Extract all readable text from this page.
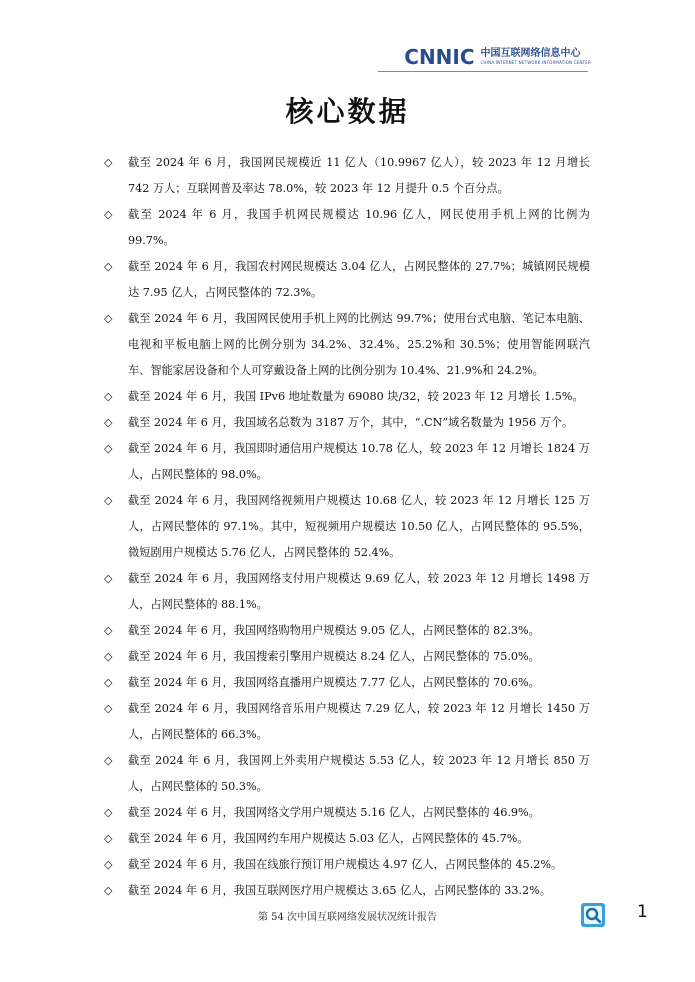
CNNIC 中国互联网络信息中心
CHINA INTERNET NETWORK INFORMATION CENTER
核心数据
◇	截至 2024 年 6 月，我国网民规模近 11 亿人（10.9967 亿人），较 2023 年 12 月增长 742 万人；互联网普及率达 78.0%，较 2023 年 12 月提升 0.5 个百分点。
◇	截至 2024 年 6 月，我国手机网民规模达 10.96 亿人，网民使用手机上网的比例为 99.7%。
◇	截至 2024 年 6 月，我国农村网民规模达 3.04 亿人，占网民整体的 27.7%；城镇网民规模达 7.95 亿人，占网民整体的 72.3%。
◇	截至 2024 年 6 月，我国网民使用手机上网的比例达 99.7%；使用台式电脑、笔记本电脑、电视和平板电脑上网的比例分别为 34.2%、32.4%、25.2%和 30.5%；使用智能网联汽车、智能家居设备和个人可穿戴设备上网的比例分别为 10.4%、21.9%和 24.2%。
◇	截至 2024 年 6 月，我国 IPv6 地址数量为 69080 块/32，较 2023 年 12 月增长 1.5%。
◇	截至 2024 年 6 月，我国域名总数为 3187 万个，其中，“.CN”域名数量为 1956 万个。
◇	截至 2024 年 6 月，我国即时通信用户规模达 10.78 亿人，较 2023 年 12 月增长 1824 万人，占网民整体的 98.0%。
◇	截至 2024 年 6 月，我国网络视频用户规模达 10.68 亿人，较 2023 年 12 月增长 125 万人，占网民整体的 97.1%。其中，短视频用户规模达 10.50 亿人，占网民整体的 95.5%，微短剧用户规模达 5.76 亿人，占网民整体的 52.4%。
◇	截至 2024 年 6 月，我国网络支付用户规模达 9.69 亿人，较 2023 年 12 月增长 1498 万人，占网民整体的 88.1%。
◇	截至 2024 年 6 月，我国网络购物用户规模达 9.05 亿人，占网民整体的 82.3%。
◇	截至 2024 年 6 月，我国搜索引擎用户规模达 8.24 亿人，占网民整体的 75.0%。
◇	截至 2024 年 6 月，我国网络直播用户规模达 7.77 亿人，占网民整体的 70.6%。
◇	截至 2024 年 6 月，我国网络音乐用户规模达 7.29 亿人，较 2023 年 12 月增长 1450 万人，占网民整体的 66.3%。
◇	截至 2024 年 6 月，我国网上外卖用户规模达 5.53 亿人，较 2023 年 12 月增长 850 万人，占网民整体的 50.3%。
◇	截至 2024 年 6 月，我国网络文学用户规模达 5.16 亿人，占网民整体的 46.9%。
◇	截至 2024 年 6 月，我国网约车用户规模达 5.03 亿人，占网民整体的 45.7%。
◇	截至 2024 年 6 月，我国在线旅行预订用户规模达 4.97 亿人，占网民整体的 45.2%。
◇	截至 2024 年 6 月，我国互联网医疗用户规模达 3.65 亿人，占网民整体的 33.2%。
第 54 次中国互联网络发展状况统计报告	1
